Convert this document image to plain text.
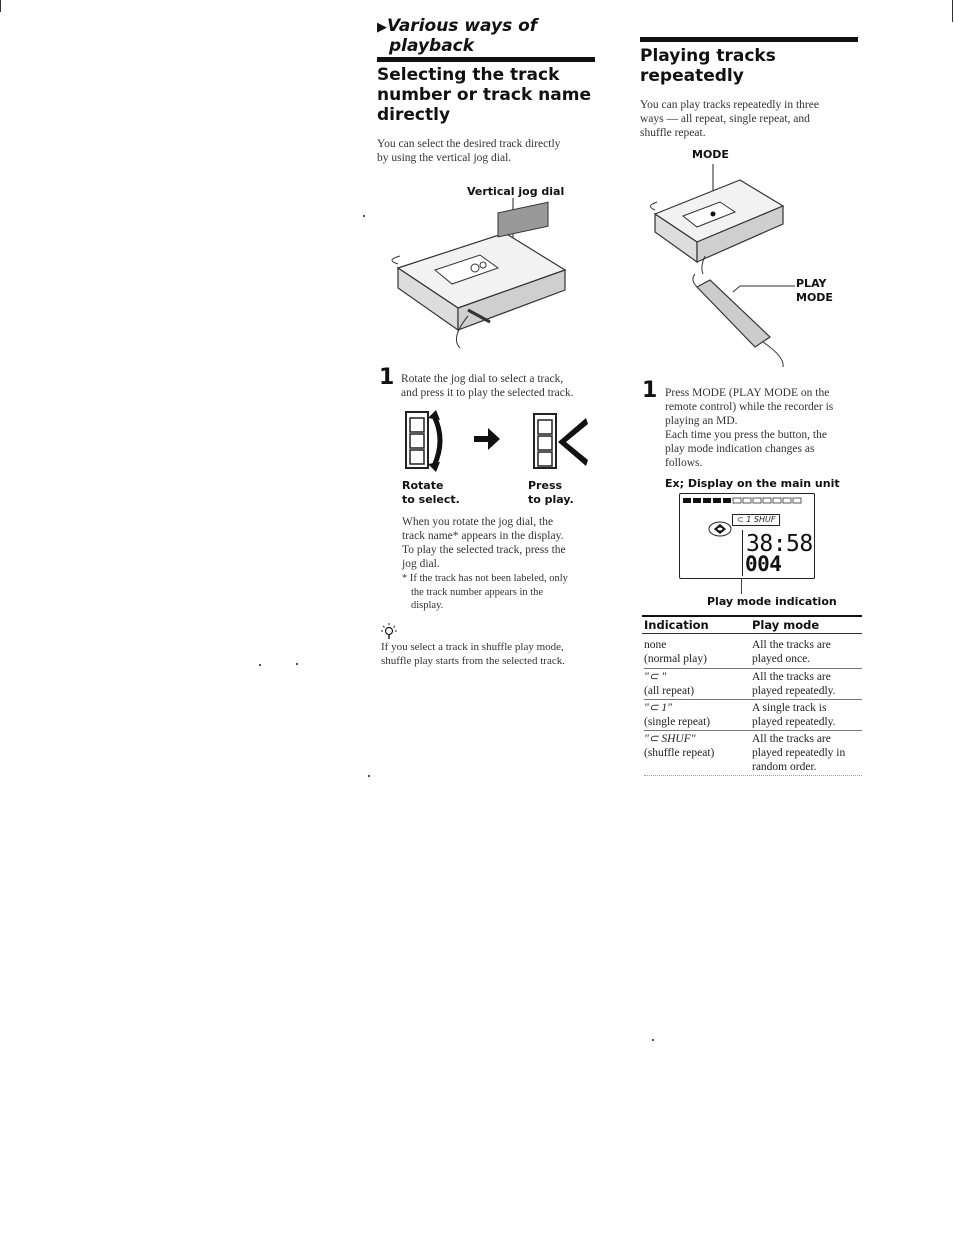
▶Various ways of
playback
Selecting the track
number or track name
directly
You can select the desired track directly
by using the vertical jog dial.
Vertical jog dial
1 Rotate the jog dial to select a track,
and press it to play the selected track.
Rotate
to select.
Press
to play.
When you rotate the jog dial, the
track name* appears in the display.
To play the selected track, press the
jog dial.
* If the track has not been labeled, only
the track number appears in the
display.
If you select a track in shuffle play mode,
shuffle play starts from the selected track.
Playing tracks
repeatedly
You can play tracks repeatedly in three
ways — all repeat, single repeat, and
shuffle repeat.
MODE
PLAY
MODE
1 Press MODE (PLAY MODE on the
remote control) while the recorder is
playing an MD.
Each time you press the button, the
play mode indication changes as
follows.
Ex; Display on the main unit
⊂ 1 SHUF
38:58
004
Play mode indication
Indication	Play mode
none
(normal play)
All the tracks are
played once.
"⊂ "
(all repeat)
All the tracks are
played repeatedly.
"⊂ 1"
(single repeat)
A single track is
played repeatedly.
"⊂ SHUF"
(shuffle repeat)
All the tracks are
played repeatedly in
random order.
